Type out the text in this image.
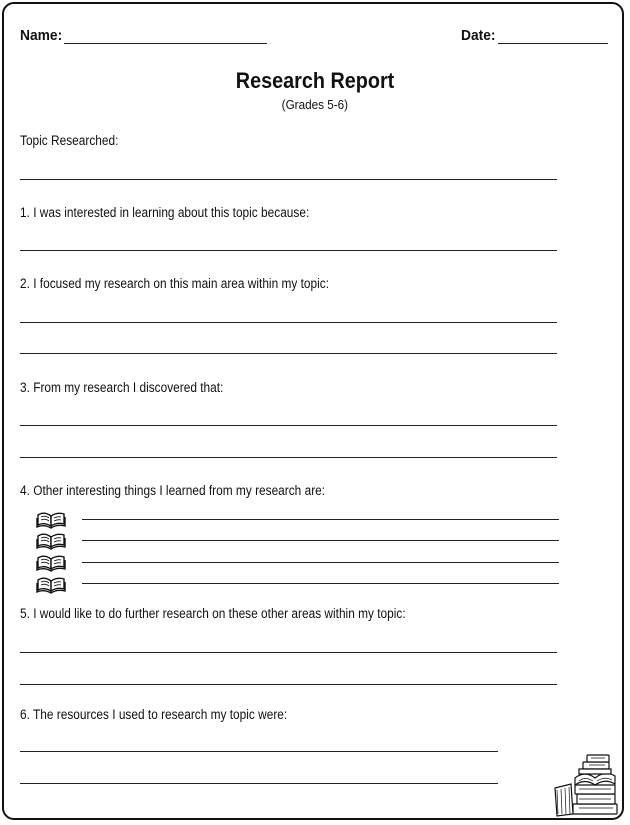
Name:	Date:
Research Report
(Grades 5-6)
Topic Researched:
1. I was interested in learning about this topic because:
2. I focused my research on this main area within my topic:
3. From my research I discovered that:
4. Other interesting things I learned from my research are:
5. I would like to do further research on these other areas within my topic:
6. The resources I used to research my topic were:
